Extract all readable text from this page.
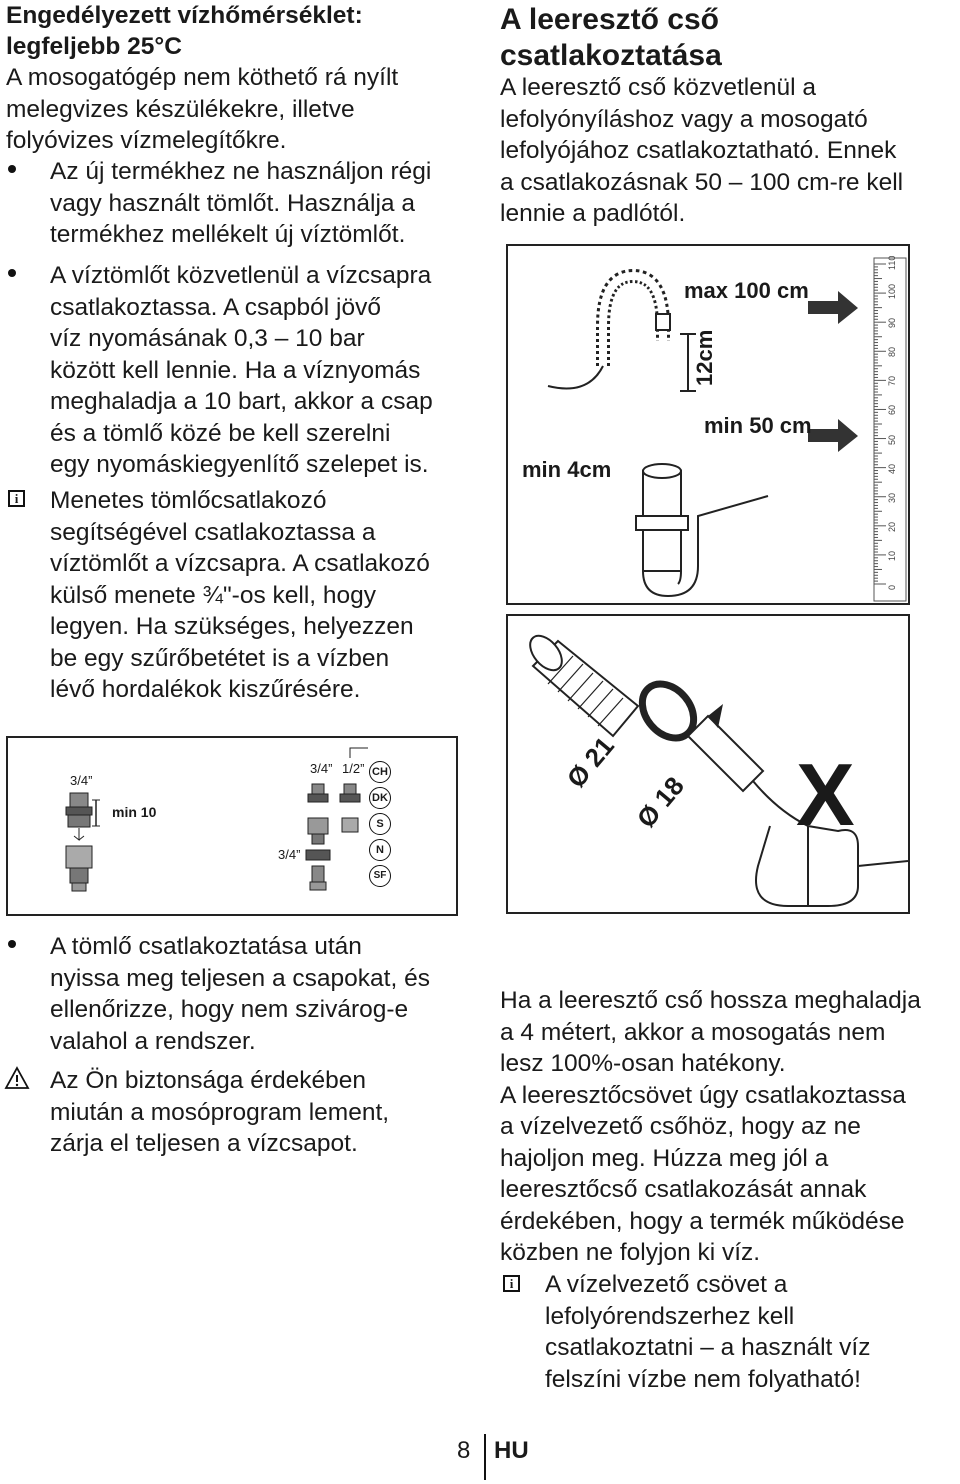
Engedélyezett vízhőmérséklet:
legfeljebb 25°C
A mosogatógép nem köthető rá nyílt
melegvizes készülékekre, illetve
folyóvizes vízmelegítőkre.
Az új termékhez ne használjon régi
vagy használt tömlőt. Használja a
termékhez mellékelt új víztömlőt.
A víztömlőt közvetlenül a vízcsapra
csatlakoztassa. A csapból jövő
víz nyomásának 0,3 – 10 bar
között kell lennie. Ha a víznyomás
meghaladja a 10 bart, akkor a csap
és a tömlő közé be kell szerelni
egy nyomáskiegyenlítő szelepet is.
i Menetes tömlőcsatlakozó
segítségével csatlakoztassa a
víztömlőt a vízcsapra. A csatlakozó
külső menete ¾"-os kell, hogy
legyen. Ha szükséges, helyezzen
be egy szűrőbetétet is a vízben
lévő hordalékok kiszűrésére.
A leeresztő cső
csatlakoztatása
A leeresztő cső közvetlenül a
lefolyónyíláshoz vagy a mosogató
lefolyójához csatlakoztatható. Ennek
a csatlakozásnak 50 – 100 cm-re kell
lennie a padlótól.
max 100 cm
min 50 cm
min 4cm
12cm
0
10
20
30
40
50
60
70
80
90
100
110
Ø 21
Ø 18 X
3/4”
min 10
3/4” 1/2”
3/4”
CH
DK
S
N
SF
A tömlő csatlakoztatása után
nyissa meg teljesen a csapokat, és
ellenőrizze, hogy nem szivárog-e
valahol a rendszer.
Az Ön biztonsága érdekében
miután a mosóprogram lement,
zárja el teljesen a vízcsapot.
Ha a leeresztő cső hossza meghaladja
a 4 métert, akkor a mosogatás nem
lesz 100%-osan hatékony.
A leeresztőcsövet úgy csatlakoztassa
a vízelvezető csőhöz, hogy az ne
hajoljon meg. Húzza meg jól a
leeresztőcső csatlakozását annak
érdekében, hogy a termék működése
közben ne folyjon ki víz.
i A vízelvezető csövet a
lefolyórendszerhez kell
csatlakoztatni – a használt víz
felszíni vízbe nem folyatható!
8 HU
